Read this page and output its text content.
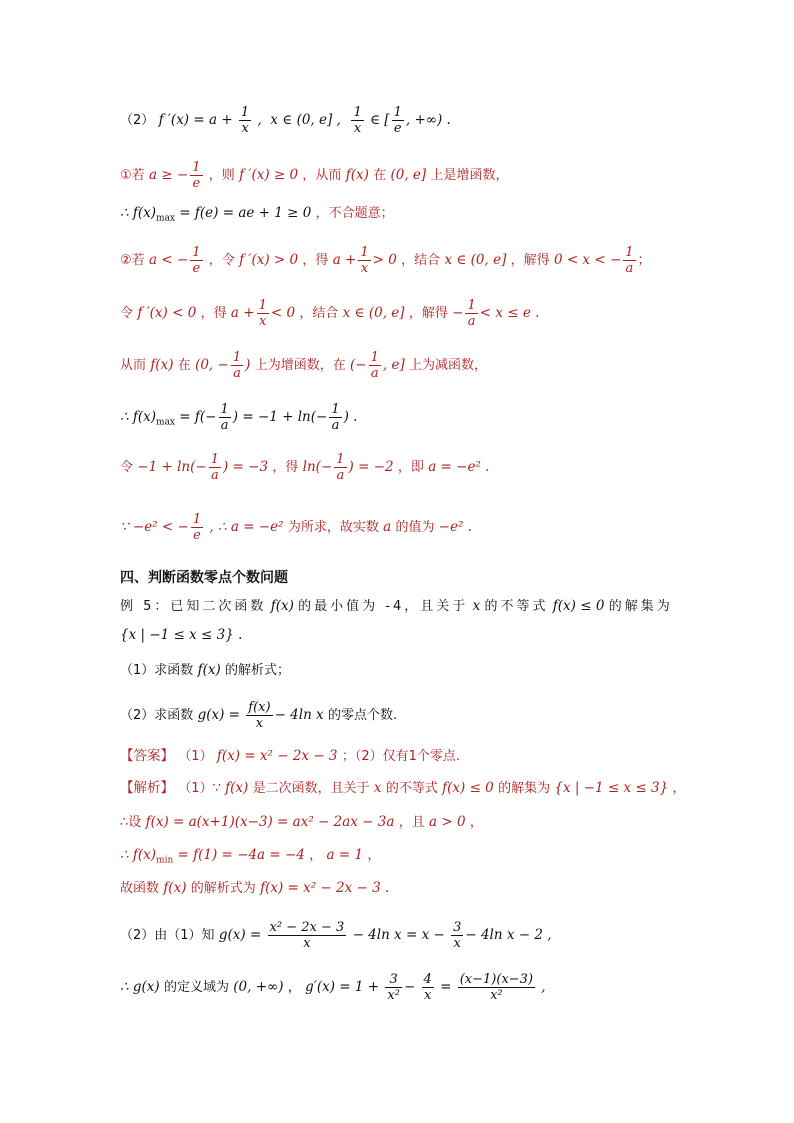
（2） f $'(x) = a + \frac{1}{x}$ ,  x ∈ (0, e] , $\frac{1}{x}$ ∈ [ $\frac{1}{e}$ , +∞) .
①若 a ≥ − $\frac{1}{e}$ ，则 f ′(x) ≥ 0 ，从而 f(x) 在 (0, e] 上是增函数，
∴ $f(x)_{max} = f(e)$ = ae + 1 ≥ 0 ，不合题意；
②若 a < − $\frac{1}{e}$ ，令 f ′(x) > 0 ，得 $a + \frac{1}{x} > 0$ ，结合 x ∈ (0, e] ，解得 0 < x < − $\frac{1}{a}$ ；
令 f ′(x) < 0 ，得 $a + \frac{1}{x} < 0$ ，结合 x ∈ (0, e] ，解得 − $\frac{1}{a} < x \le e$ .
从而 f(x) 在 (0, − $\frac{1}{a}$ ) 上为增函数，在 (− $\frac{1}{a}$ , e] 上为减函数，
∴ $f(x)_{max} = f(- \frac{1}{a}$ ) = $-1 + \ln(- \frac{1}{a}$ ) .
令 $-1 + \ln(- \frac{1}{a}$ ) = −3 ，得 $\ln(- \frac{1}{a}$ ) = −2 ，即 a = −e² .
∵ −e² < − $\frac{1}{e}$ , ∴ a = −e² 为所求，故实数 a 的值为 −e² .
四、判断函数零点个数问题
例 5：已知二次函数 f(x) 的最小值为 -4，且关于 x 的不等式 f(x) ≤ 0 的解集为
{x | −1 ≤ x ≤ 3} .
（1）求函数 f(x) 的解析式；
（2）求函数 $g(x) = \frac{f(x)}{x} - 4\ln$ x 的零点个数.
【答案】 （1） f(x) = x² − 2x − 3 ；（2）仅有1个零点.
【解析】 （1）∵ f(x) 是二次函数，且关于 x 的不等式 f(x) ≤ 0 的解集为 {x | −1 ≤ x ≤ 3} ，
∴设 f(x) = a(x+1)(x−3) = ax² − 2ax − 3a ，且 a > 0 ，
∴ $f(x)_{min} = f(1) = -4a = -4$ ， a = 1 ，
故函数 f(x) 的解析式为 f(x) = x² − 2x − 3 .
（2）由（1）知 $g(x) = \frac{\text{x² − 2x − 3}}{x} - 4\ln$ $x = x - \frac{3}{x} - 4\ln$ x − 2 ,
∴ g(x) 的定义域为 (0, +∞) ， $g'(x) = 1 + \frac{3}{\text{x²}} - \frac{4}{x} = \frac{(x-1)(x-3)}{\text{x²}}$ ,
